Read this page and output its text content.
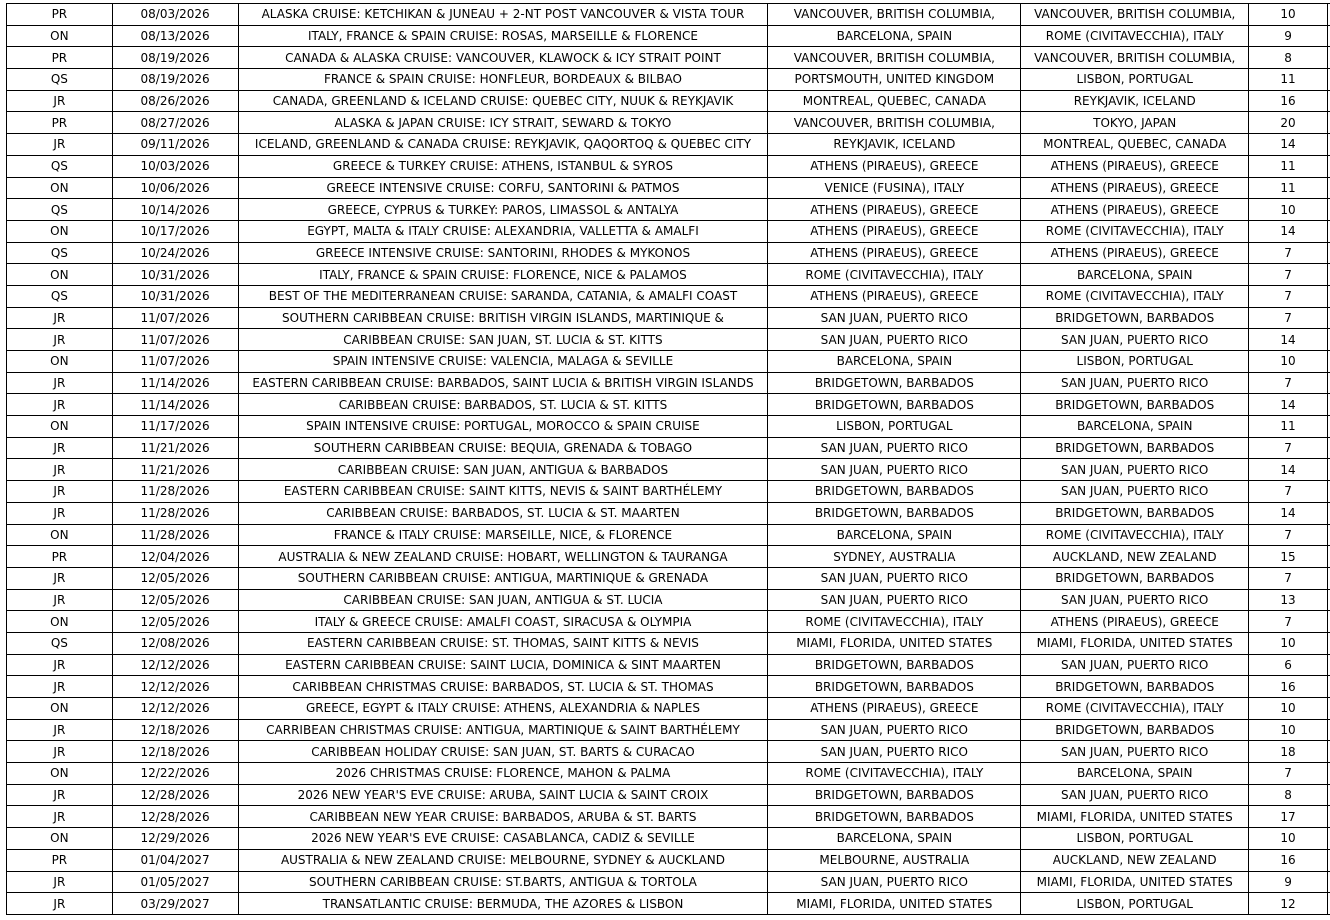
PR	08/03/2026	ALASKA CRUISE: KETCHIKAN & JUNEAU + 2-NT POST VANCOUVER & VISTA TOUR	VANCOUVER, BRITISH COLUMBIA,	VANCOUVER, BRITISH COLUMBIA,	10	
ON	08/13/2026	ITALY, FRANCE & SPAIN CRUISE: ROSAS, MARSEILLE & FLORENCE	BARCELONA, SPAIN	ROME (CIVITAVECCHIA), ITALY	9	
PR	08/19/2026	CANADA & ALASKA CRUISE: VANCOUVER, KLAWOCK & ICY STRAIT POINT	VANCOUVER, BRITISH COLUMBIA,	VANCOUVER, BRITISH COLUMBIA,	8	
QS	08/19/2026	FRANCE & SPAIN CRUISE: HONFLEUR, BORDEAUX & BILBAO	PORTSMOUTH, UNITED KINGDOM	LISBON, PORTUGAL	11	
JR	08/26/2026	CANADA, GREENLAND & ICELAND CRUISE: QUEBEC CITY, NUUK & REYKJAVIK	MONTREAL, QUEBEC, CANADA	REYKJAVIK, ICELAND	16	
PR	08/27/2026	ALASKA & JAPAN CRUISE: ICY STRAIT, SEWARD & TOKYO	VANCOUVER, BRITISH COLUMBIA,	TOKYO, JAPAN	20	
JR	09/11/2026	ICELAND, GREENLAND & CANADA CRUISE: REYKJAVIK, QAQORTOQ & QUEBEC CITY	REYKJAVIK, ICELAND	MONTREAL, QUEBEC, CANADA	14	
QS	10/03/2026	GREECE & TURKEY CRUISE: ATHENS, ISTANBUL & SYROS	ATHENS (PIRAEUS), GREECE	ATHENS (PIRAEUS), GREECE	11	
ON	10/06/2026	GREECE INTENSIVE CRUISE: CORFU, SANTORINI & PATMOS	VENICE (FUSINA), ITALY	ATHENS (PIRAEUS), GREECE	11	
QS	10/14/2026	GREECE, CYPRUS & TURKEY: PAROS, LIMASSOL & ANTALYA	ATHENS (PIRAEUS), GREECE	ATHENS (PIRAEUS), GREECE	10	
ON	10/17/2026	EGYPT, MALTA & ITALY CRUISE: ALEXANDRIA, VALLETTA & AMALFI	ATHENS (PIRAEUS), GREECE	ROME (CIVITAVECCHIA), ITALY	14	
QS	10/24/2026	GREECE INTENSIVE CRUISE: SANTORINI, RHODES & MYKONOS	ATHENS (PIRAEUS), GREECE	ATHENS (PIRAEUS), GREECE	7	
ON	10/31/2026	ITALY, FRANCE & SPAIN CRUISE: FLORENCE, NICE & PALAMOS	ROME (CIVITAVECCHIA), ITALY	BARCELONA, SPAIN	7	
QS	10/31/2026	BEST OF THE MEDITERRANEAN CRUISE: SARANDA, CATANIA, & AMALFI COAST	ATHENS (PIRAEUS), GREECE	ROME (CIVITAVECCHIA), ITALY	7	
JR	11/07/2026	SOUTHERN CARIBBEAN CRUISE: BRITISH VIRGIN ISLANDS, MARTINIQUE &	SAN JUAN, PUERTO RICO	BRIDGETOWN, BARBADOS	7	
JR	11/07/2026	CARIBBEAN CRUISE: SAN JUAN, ST. LUCIA & ST. KITTS	SAN JUAN, PUERTO RICO	SAN JUAN, PUERTO RICO	14	
ON	11/07/2026	SPAIN INTENSIVE CRUISE: VALENCIA, MALAGA & SEVILLE	BARCELONA, SPAIN	LISBON, PORTUGAL	10	
JR	11/14/2026	EASTERN CARIBBEAN CRUISE: BARBADOS, SAINT LUCIA & BRITISH VIRGIN ISLANDS	BRIDGETOWN, BARBADOS	SAN JUAN, PUERTO RICO	7	
JR	11/14/2026	CARIBBEAN CRUISE: BARBADOS, ST. LUCIA & ST. KITTS	BRIDGETOWN, BARBADOS	BRIDGETOWN, BARBADOS	14	
ON	11/17/2026	SPAIN INTENSIVE CRUISE: PORTUGAL, MOROCCO & SPAIN CRUISE	LISBON, PORTUGAL	BARCELONA, SPAIN	11	
JR	11/21/2026	SOUTHERN CARIBBEAN CRUISE: BEQUIA, GRENADA & TOBAGO	SAN JUAN, PUERTO RICO	BRIDGETOWN, BARBADOS	7	
JR	11/21/2026	CARIBBEAN CRUISE: SAN JUAN, ANTIGUA & BARBADOS	SAN JUAN, PUERTO RICO	SAN JUAN, PUERTO RICO	14	
JR	11/28/2026	EASTERN CARIBBEAN CRUISE: SAINT KITTS, NEVIS & SAINT BARTHÉLEMY	BRIDGETOWN, BARBADOS	SAN JUAN, PUERTO RICO	7	
JR	11/28/2026	CARIBBEAN CRUISE: BARBADOS, ST. LUCIA & ST. MAARTEN	BRIDGETOWN, BARBADOS	BRIDGETOWN, BARBADOS	14	
ON	11/28/2026	FRANCE & ITALY CRUISE: MARSEILLE, NICE, & FLORENCE	BARCELONA, SPAIN	ROME (CIVITAVECCHIA), ITALY	7	
PR	12/04/2026	AUSTRALIA & NEW ZEALAND CRUISE: HOBART, WELLINGTON & TAURANGA	SYDNEY, AUSTRALIA	AUCKLAND, NEW ZEALAND	15	
JR	12/05/2026	SOUTHERN CARIBBEAN CRUISE: ANTIGUA, MARTINIQUE & GRENADA	SAN JUAN, PUERTO RICO	BRIDGETOWN, BARBADOS	7	
JR	12/05/2026	CARIBBEAN CRUISE: SAN JUAN, ANTIGUA & ST. LUCIA	SAN JUAN, PUERTO RICO	SAN JUAN, PUERTO RICO	13	
ON	12/05/2026	ITALY & GREECE CRUISE: AMALFI COAST, SIRACUSA & OLYMPIA	ROME (CIVITAVECCHIA), ITALY	ATHENS (PIRAEUS), GREECE	7	
QS	12/08/2026	EASTERN CARIBBEAN CRUISE: ST. THOMAS, SAINT KITTS & NEVIS	MIAMI, FLORIDA, UNITED STATES	MIAMI, FLORIDA, UNITED STATES	10	
JR	12/12/2026	EASTERN CARIBBEAN CRUISE: SAINT LUCIA, DOMINICA & SINT MAARTEN	BRIDGETOWN, BARBADOS	SAN JUAN, PUERTO RICO	6	
JR	12/12/2026	CARIBBEAN CHRISTMAS CRUISE: BARBADOS, ST. LUCIA & ST. THOMAS	BRIDGETOWN, BARBADOS	BRIDGETOWN, BARBADOS	16	
ON	12/12/2026	GREECE, EGYPT & ITALY CRUISE: ATHENS, ALEXANDRIA & NAPLES	ATHENS (PIRAEUS), GREECE	ROME (CIVITAVECCHIA), ITALY	10	
JR	12/18/2026	CARRIBEAN CHRISTMAS CRUISE: ANTIGUA, MARTINIQUE & SAINT BARTHÉLEMY	SAN JUAN, PUERTO RICO	BRIDGETOWN, BARBADOS	10	
JR	12/18/2026	CARIBBEAN HOLIDAY CRUISE: SAN JUAN, ST. BARTS & CURACAO	SAN JUAN, PUERTO RICO	SAN JUAN, PUERTO RICO	18	
ON	12/22/2026	2026 CHRISTMAS CRUISE: FLORENCE, MAHON & PALMA	ROME (CIVITAVECCHIA), ITALY	BARCELONA, SPAIN	7	
JR	12/28/2026	2026 NEW YEAR'S EVE CRUISE: ARUBA, SAINT LUCIA & SAINT CROIX	BRIDGETOWN, BARBADOS	SAN JUAN, PUERTO RICO	8	
JR	12/28/2026	CARIBBEAN NEW YEAR CRUISE: BARBADOS, ARUBA & ST. BARTS	BRIDGETOWN, BARBADOS	MIAMI, FLORIDA, UNITED STATES	17	
ON	12/29/2026	2026 NEW YEAR'S EVE CRUISE: CASABLANCA, CADIZ & SEVILLE	BARCELONA, SPAIN	LISBON, PORTUGAL	10	
PR	01/04/2027	AUSTRALIA & NEW ZEALAND CRUISE: MELBOURNE, SYDNEY & AUCKLAND	MELBOURNE, AUSTRALIA	AUCKLAND, NEW ZEALAND	16	
JR	01/05/2027	SOUTHERN CARIBBEAN CRUISE: ST.BARTS, ANTIGUA & TORTOLA	SAN JUAN, PUERTO RICO	MIAMI, FLORIDA, UNITED STATES	9	
JR	03/29/2027	TRANSATLANTIC CRUISE: BERMUDA, THE AZORES & LISBON	MIAMI, FLORIDA, UNITED STATES	LISBON, PORTUGAL	12	
